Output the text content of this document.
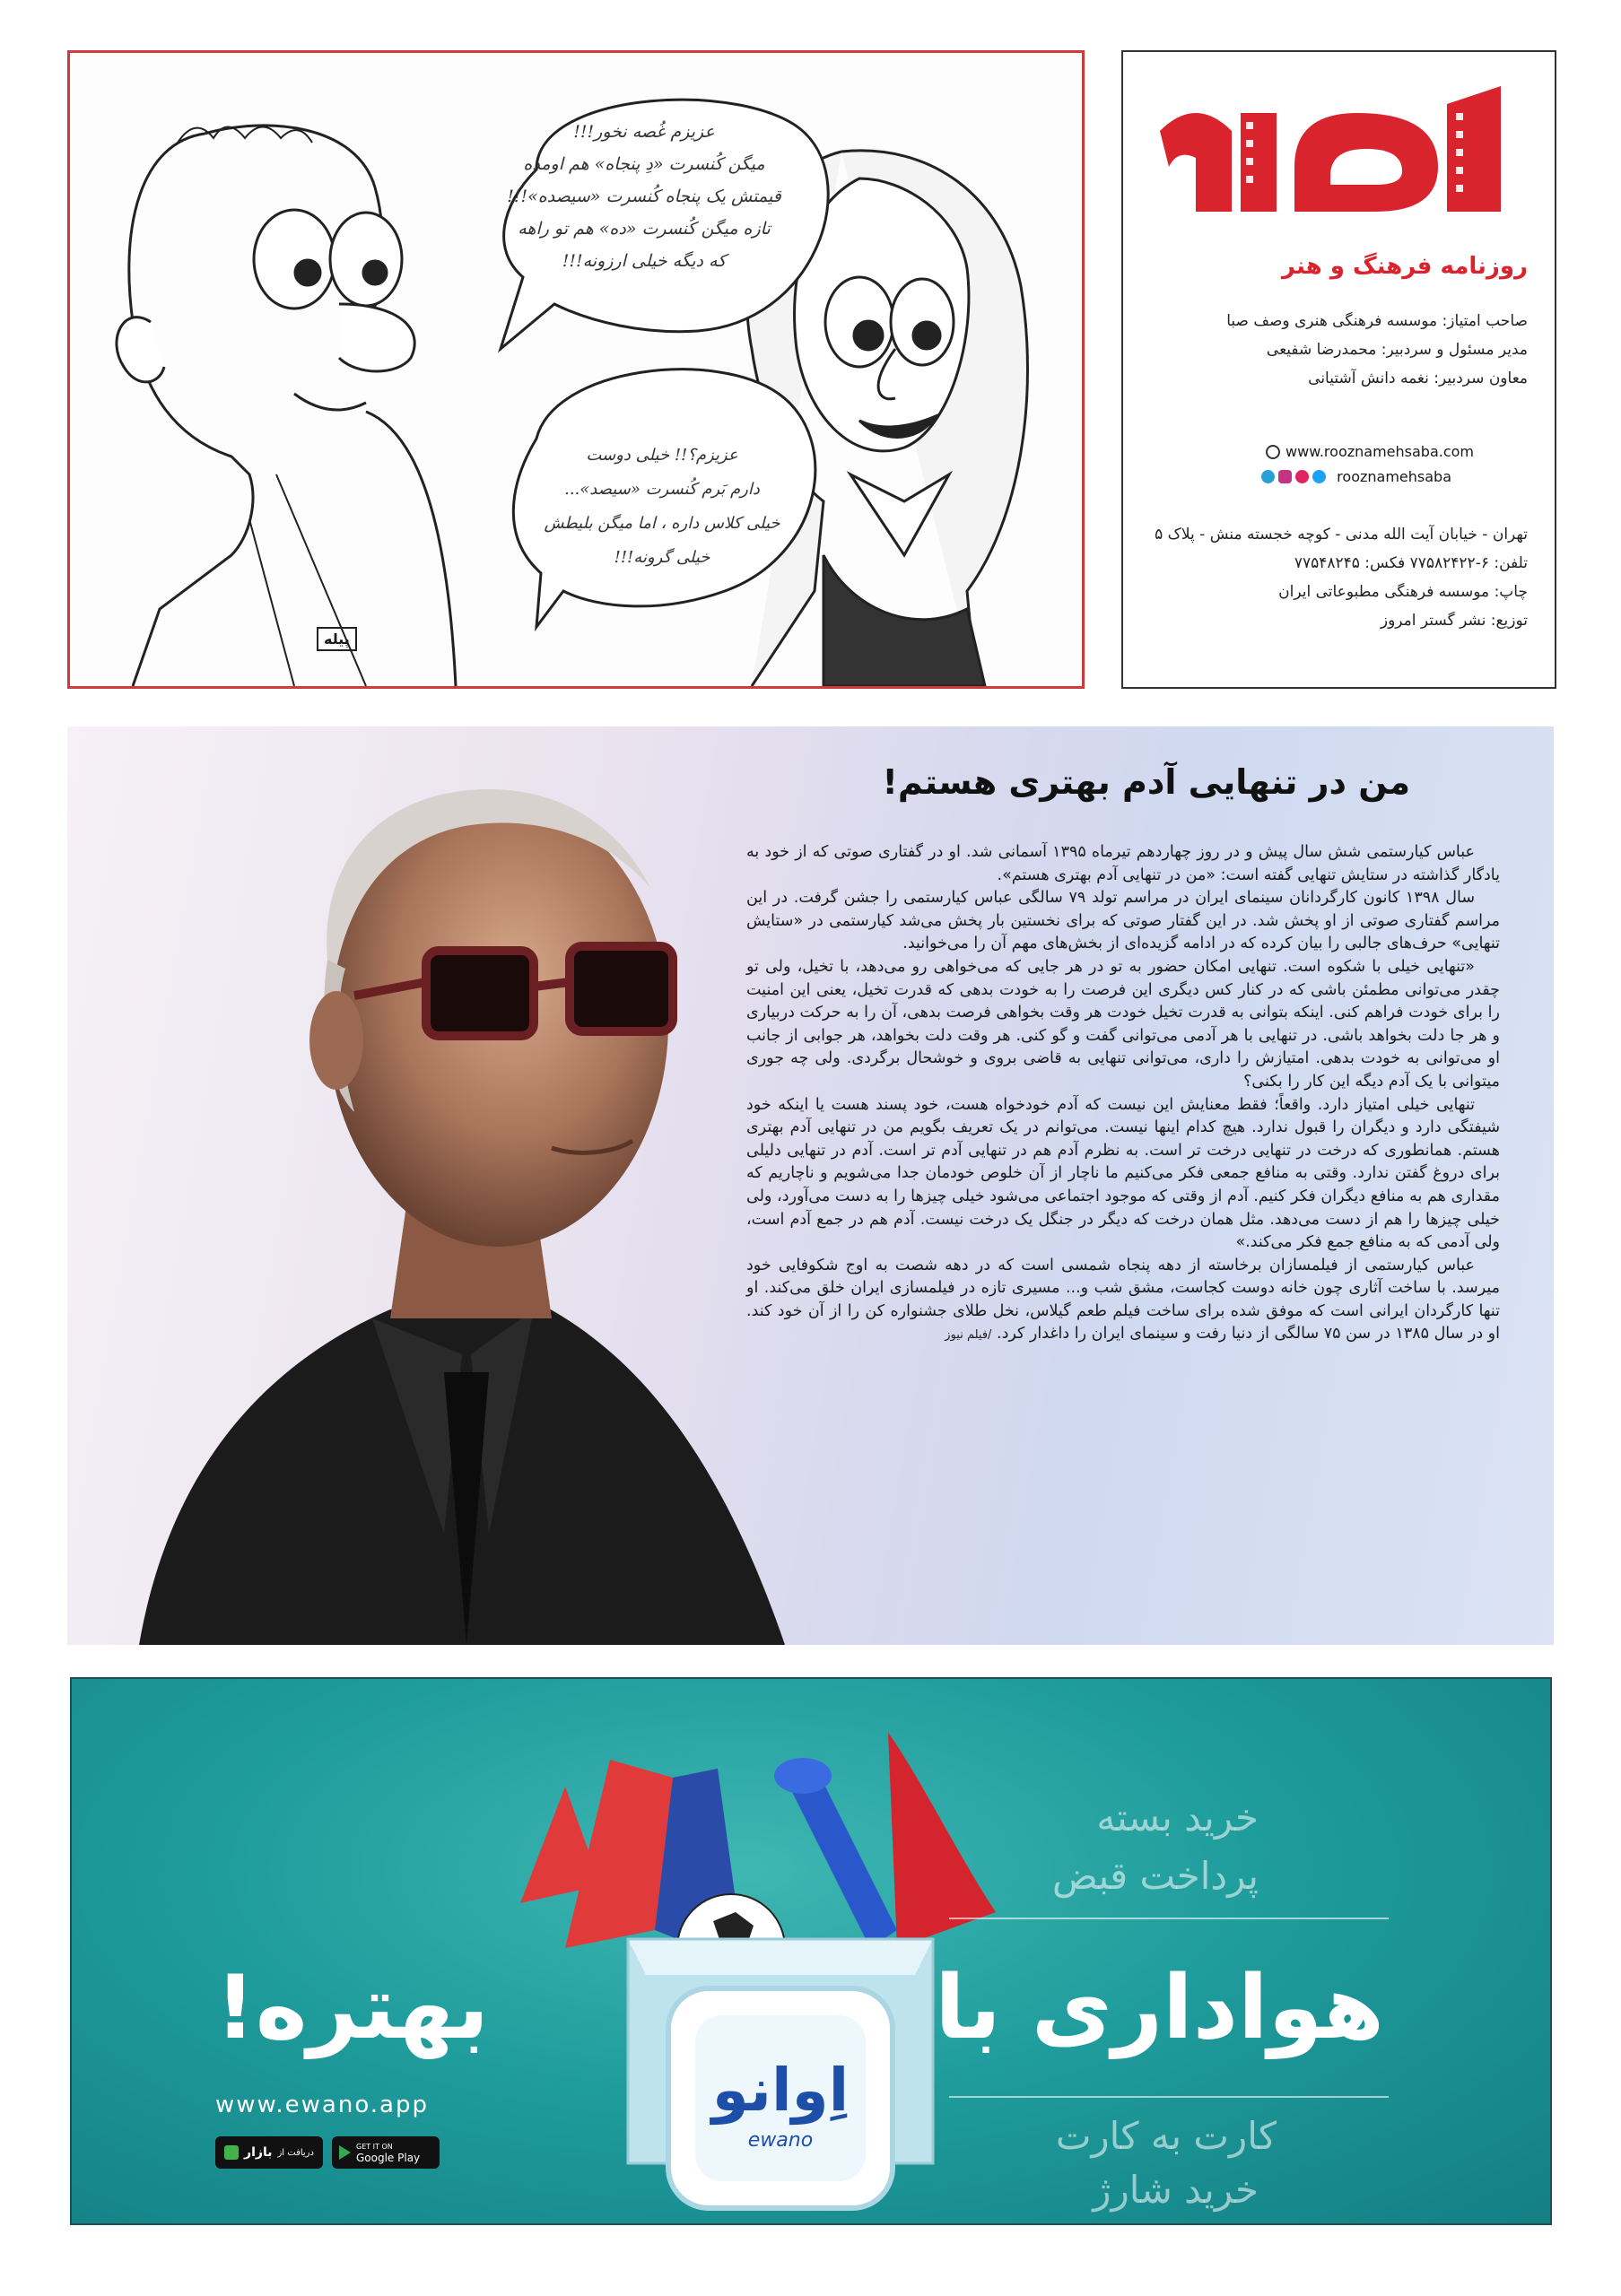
عزیزم غُصه نخور!!!
میگن کُنسرت «دِ پنجاه» هم اومده
قیمتش یک پنجاه کُنسرت «سیصده»!!!
تازه میگن کُنسرت «ده» هم تو راهه
که دیگه خیلی ارزونه!!!
عزیزم؟!! خیلی دوست
دارم بَرم کُنسرت «سیصد»...
خیلی کلاس داره ، اما میگن بلیطش
خیلی گرونه!!!
پیله
روزنامه فرهنگ و هنر
صاحب امتیاز: موسسه فرهنگی هنری وصف صبا
مدیر مسئول و سردبیر: محمدرضا شفیعی
معاون سردبیر: نغمه دانش آشتیانی
www.rooznamehsaba.com
rooznamehsaba
تهران - خیابان آیت الله مدنی - کوچه خجسته منش - پلاک ۵
تلفن: ۶-۷۷۵۸۲۴۲۲ فکس: ۷۷۵۴۸۲۴۵
چاپ: موسسه فرهنگی مطبوعاتی ایران
توزیع: نشر گستر امروز
من در تنهایی آدم بهتری هستم!

عباس کیارستمی شش سال پیش و در روز چهاردهم تیرماه ۱۳۹۵ آسمانی شد. او در گفتاری صوتی که از خود به یادگار گذاشته در ستایش تنهایی گفته است: «من در تنهایی آدم بهتری هستم».

سال ۱۳۹۸ کانون کارگردانان سینمای ایران در مراسم تولد ۷۹ سالگی عباس کیارستمی را جشن گرفت. در این مراسم گفتاری صوتی از او پخش شد. در این گفتار صوتی که برای نخستین بار پخش می‌شد کیارستمی در «ستایش تنهایی» حرف‌های جالبی را بیان کرده که در ادامه گزیده‌ای از بخش‌های مهم آن را می‌خوانید.

«تنهایی خیلی با شکوه است. تنهایی امکان حضور به تو در هر جایی که می‌خواهی رو می‌دهد، با تخیل، ولی تو چقدر می‌توانی مطمئن باشی که در کنار کس دیگری این فرصت را به خودت بدهی که قدرت تخیل، یعنی این امنیت را برای خودت فراهم کنی. اینکه بتوانی به قدرت تخیل خودت هر وقت بخواهی فرصت بدهی، آن را به حرکت دربیاری و هر جا دلت بخواهد باشی. در تنهایی با هر آدمی می‌توانی گفت و گو کنی. هر وقت دلت بخواهد، هر جوابی از جانب او می‌توانی به خودت بدهی. امتیازش را داری، می‌توانی تنهایی به قاضی بروی و خوشحال برگردی. ولی چه جوری میتوانی با یک آدم دیگه این کار را بکنی؟

تنهایی خیلی امتیاز دارد. واقعاً؛ فقط معنایش این نیست که آدم خودخواه هست، خود پسند هست یا اینکه خود شیفتگی دارد و دیگران را قبول ندارد. هیچ کدام اینها نیست. می‌توانم در یک تعریف بگویم من در تنهایی آدم بهتری هستم. همانطوری که درخت در تنهایی درخت تر است. به نظرم آدم هم در تنهایی آدم تر است. آدم در تنهایی دلیلی برای دروغ گفتن ندارد. وقتی به منافع جمعی فکر می‌کنیم ما ناچار از آن خلوص خودمان جدا می‌شویم و ناچاریم که مقداری هم به منافع دیگران فکر کنیم. آدم از وقتی که موجود اجتماعی می‌شود خیلی چیزها را به دست می‌آورد، ولی خیلی چیزها را هم از دست می‌دهد. مثل همان درخت که دیگر در جنگل یک درخت نیست. آدم هم در جمع آدم است، ولی آدمی که به منافع جمع فکر می‌کند.»

عباس کیارستمی از فیلمسازان برخاسته از دهه پنجاه شمسی است که در دهه شصت به اوج شکوفایی خود میرسد. با ساخت آثاری چون خانه دوست کجاست، مشق شب و... مسیری تازه در فیلمسازی ایران خلق می‌کند. او تنها کارگردان ایرانی است که موفق شده برای ساخت فیلم طعم گیلاس، نخل طلای جشنواره کن را از آن خود کند. او در سال ۱۳۸۵ در سن ۷۵ سالگی از دنیا رفت و سینمای ایران را داغدار کرد. /فیلم نیوز

اِوانو
ewano
خرید بسته
پرداخت قبض
هواداری با
بهتره!
کارت به کارت
خرید شارژ
www.ewano.app
دریافت از
بازار	GET IT ON
Google Play
